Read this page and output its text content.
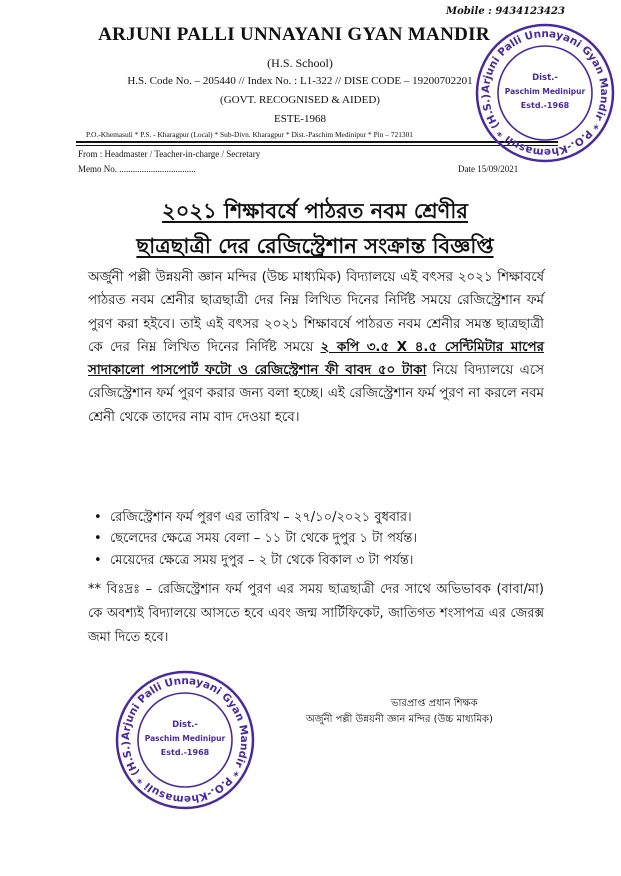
Mobile : 9434123423
ARJUNI PALLI UNNAYANI GYAN MANDIR
(H.S. School)
H.S. Code No. – 205440 // Index No. : L1-322 // DISE CODE – 19200702201
(GOVT. RECOGNISED & AIDED)
ESTE-1968
P.O.-Khemasuli * P.S. - Kharagpur (Local) * Sub-Divn. Kharagpur * Dist.-Paschim Medinipur * Pin – 721301
From : Headmaster / Teacher-in-charge / Secretary
Memo No. ..................................	Date 15/09/2021
২০২১ শিক্ষাবর্ষে পাঠরত নবম শ্রেণীর
ছাত্রছাত্রী দের রেজিস্ট্রেশান সংক্রান্ত বিজ্ঞপ্তি
অর্জুনী পল্লী উন্নয়নী জ্ঞান মন্দির (উচ্চ মাধ্যমিক) বিদ্যালয়ে এই বৎসর ২০২১ শিক্ষাবর্ষে পাঠরত নবম শ্রেনীর ছাত্রছাত্রী দের নিম্ন লিখিত দিনের নির্দিষ্ট সময়ে রেজিস্ট্রেশান ফর্ম পুরণ করা হইবে। তাই এই বৎসর ২০২১ শিক্ষাবর্ষে পাঠরত নবম শ্রেনীর সমস্ত ছাত্রছাত্রী কে দের নিম্ন লিখিত দিনের নির্দিষ্ট সময়ে ২ কপি ৩.৫ X ৪.৫ সেন্টিমিটার মাপের সাদাকালো পাসপোর্ট ফটো ও রেজিস্ট্রেশান ফী বাবদ ৫০ টাকা নিয়ে বিদ্যালয়ে এসে রেজিস্ট্রেশান ফর্ম পুরণ করার জন্য বলা হচ্ছে। এই রেজিস্ট্রেশান ফর্ম পুরণ না করলে নবম শ্রেনী থেকে তাদের নাম বাদ দেওয়া হবে।
• রেজিস্ট্রেশান ফর্ম পুরণ এর তারিখ – ২৭/১০/২০২১ বুধবার।
• ছেলেদের ক্ষেত্রে সময় বেলা – ১১ টা থেকে দুপুর ১ টা পর্যন্ত।
• মেয়েদের ক্ষেত্রে সময় দুপুর – ২ টা থেকে বিকাল ৩ টা পর্যন্ত।
** বিঃদ্রঃ – রেজিস্ট্রেশান ফর্ম পুরণ এর সময় ছাত্রছাত্রী দের সাথে অভিভাবক (বাবা/মা) কে অবশ্যই বিদ্যালয়ে আসতে হবে এবং জন্ম সার্টিফিকেট, জাতিগত শংসাপত্র এর জেরক্স জমা দিতে হবে।
ভারপ্রাপ্ত প্রধান শিক্ষক
অর্জুনী পল্লী উন্নয়নী জ্ঞান মন্দির (উচ্চ মাধ্যমিক)
Arjuni Palli Unnayani Gyan Mandir * P.O.-Khemasuli * (H.S.)
Dist.-
Paschim Medinipur
Estd.-1968
Arjuni Palli Unnayani Gyan Mandir * P.O.-Khemasuli * (H.S.)
Dist.-
Paschim Medinipur
Estd.-1968
